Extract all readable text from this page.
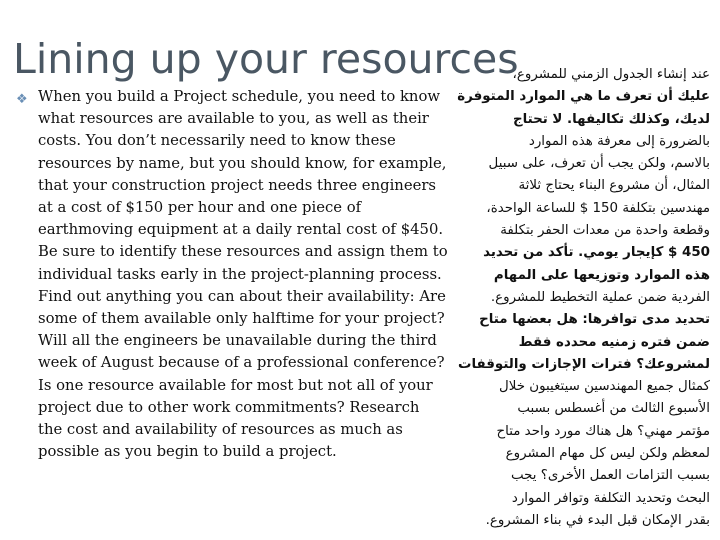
Lining up your resources
❖ When you build a Project schedule, you need to know what resources are available to you, as well as their costs. You don’t necessarily need to know these resources by name, but you should know, for example, that your construction project needs three engineers at a cost of $150 per hour and one piece of earthmoving equipment at a daily rental cost of $450. Be sure to identify these resources and assign them to individual tasks early in the project-planning process. Find out anything you can about their availability: Are some of them available only halftime for your project? Will all the engineers be unavailable during the third week of August because of a professional conference? Is one resource available for most but not all of your project due to other work commitments? Research the cost and availability of resources as much as possible as you begin to build a project.

عند إنشاء الجدول الزمني للمشروع،
عليك أن تعرف ما هي الموارد المتوفرة
لديك، وكذلك تكاليفها. لا تحتاج
بالضرورة إلى معرفة هذه الموارد
بالاسم، ولكن يجب أن تعرف، على سبيل
المثال، أن مشروع البناء يحتاج ثلاثة
مهندسين بتكلفة 150 $ للساعة الواحدة،
وقطعة واحدة من معدات الحفر بتكلفة
450 $ كإيجار يومي. تأكد من تحديد
هذه الموارد وتوزيعها على المهام
الفردية ضمن عملية التخطيط للمشروع.
تحديد مدى توافرها: هل بعضها متاح
ضمن فتره زمنيه محدده فقط
لمشروعك؟ فترات الإجازات والتوقفات
كمثال جميع المهندسين سيتغيبون خلال
الأسبوع الثالث من أغسطس بسبب
مؤتمر مهني؟ هل هناك مورد واحد متاح
لمعظم ولكن ليس كل مهام المشروع
بسبب التزامات العمل الأخرى؟ يجب
البحث وتحديد التكلفة وتوافر الموارد
بقدر الإمكان قبل البدء في بناء المشروع.
